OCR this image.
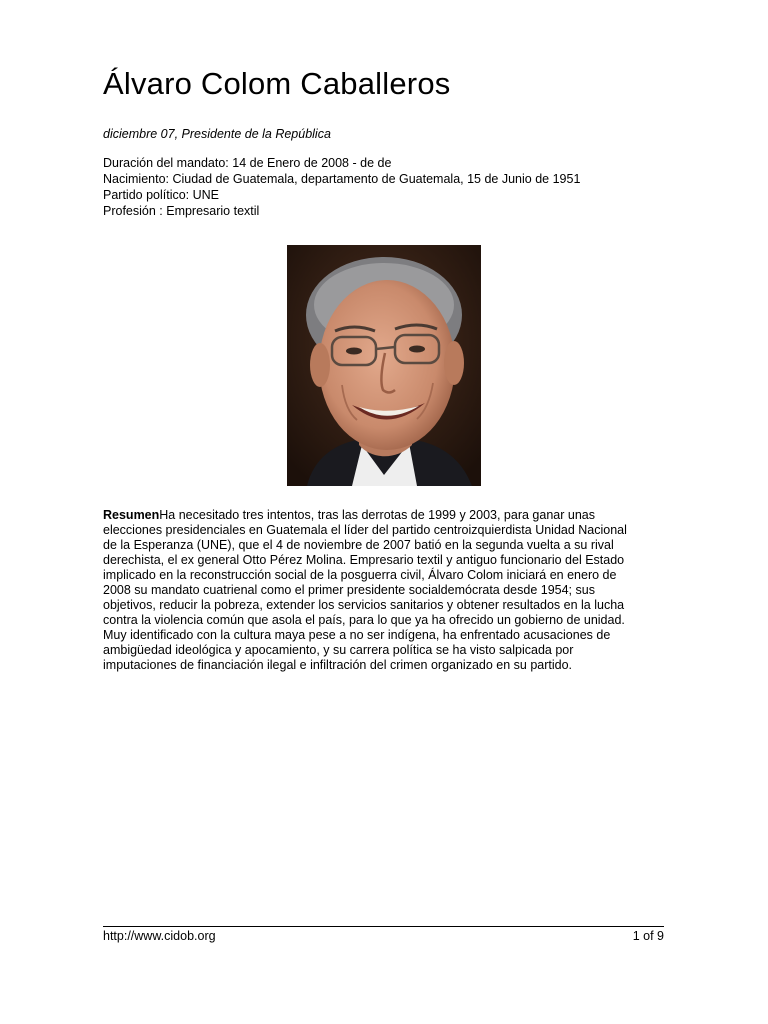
Álvaro Colom Caballeros
diciembre 07, Presidente de la República
Duración del mandato: 14 de Enero de 2008 - de de
Nacimiento: Ciudad de Guatemala, departamento de Guatemala, 15 de Junio de 1951
Partido político: UNE
Profesión : Empresario textil

ResumenHa necesitado tres intentos, tras las derrotas de 1999 y 2003, para ganar unas elecciones presidenciales en Guatemala el líder del partido centroizquierdista Unidad Nacional de la Esperanza (UNE), que el 4 de noviembre de 2007 batió en la segunda vuelta a su rival derechista, el ex general Otto Pérez Molina. Empresario textil y antiguo funcionario del Estado implicado en la reconstrucción social de la posguerra civil, Álvaro Colom iniciará en enero de 2008 su mandato cuatrienal como el primer presidente socialdemócrata desde 1954; sus objetivos, reducir la pobreza, extender los servicios sanitarios y obtener resultados en la lucha contra la violencia común que asola el país, para lo que ya ha ofrecido un gobierno de unidad. Muy identificado con la cultura maya pese a no ser indígena, ha enfrentado acusaciones de ambigüedad ideológica y apocamiento, y su carrera política se ha visto salpicada por imputaciones de financiación ilegal e infiltración del crimen organizado en su partido.

http://www.cidob.org	1 of 9
